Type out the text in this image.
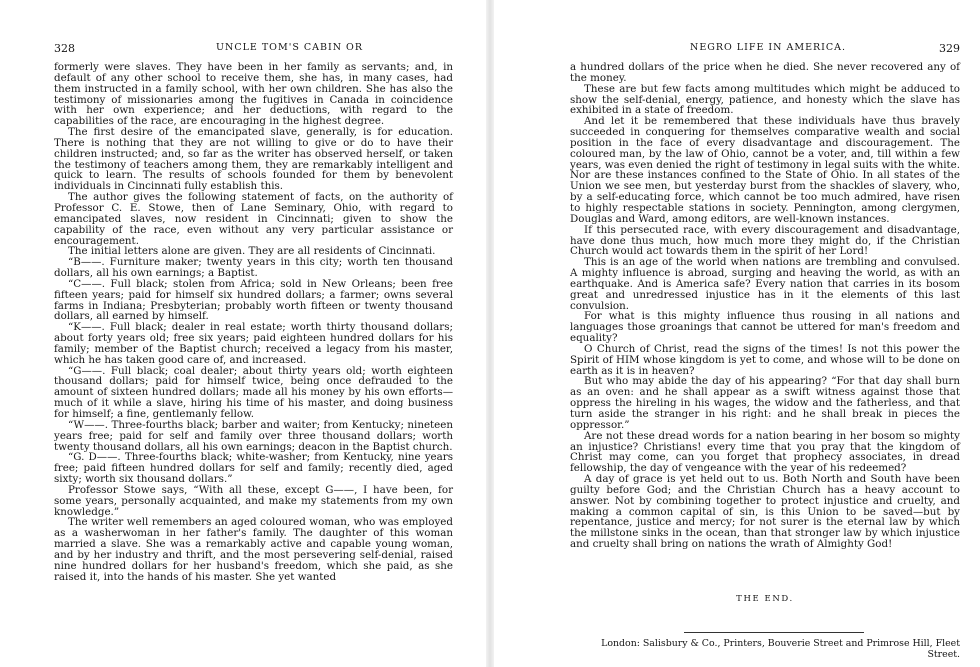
328	UNCLE TOM'S CABIN OR

formerly were slaves. They have been in her family as servants; and, in default of any other school to receive them, she has, in many cases, had them instructed in a family school, with her own children. She has also the testimony of missionaries among the fugitives in Canada in coincidence with her own experience; and her deductions, with regard to the capabilities of the race, are encouraging in the highest degree.

The first desire of the emancipated slave, generally, is for education. There is nothing that they are not willing to give or do to have their children instructed; and, so far as the writer has observed herself, or taken the testimony of teachers among them, they are remarkably intelligent and quick to learn. The results of schools founded for them by benevolent individuals in Cincinnati fully establish this.

The author gives the following statement of facts, on the authority of Professor C. E. Stowe, then of Lane Seminary, Ohio, with regard to emancipated slaves, now resident in Cincinnati; given to show the capability of the race, even without any very particular assistance or encouragement.

The initial letters alone are given. They are all residents of Cincinnati.

“B——. Furniture maker; twenty years in this city; worth ten thousand dollars, all his own earnings; a Baptist.

“C——. Full black; stolen from Africa; sold in New Orleans; been free fifteen years; paid for himself six hundred dollars; a farmer; owns several farms in Indiana; Presbyterian; probably worth fifteen or twenty thousand dollars, all earned by himself.

“K——. Full black; dealer in real estate; worth thirty thousand dollars; about forty years old; free six years; paid eighteen hundred dollars for his family; member of the Baptist church; received a legacy from his master, which he has taken good care of, and increased.

“G——. Full black; coal dealer; about thirty years old; worth eighteen thousand dollars; paid for himself twice, being once defrauded to the amount of sixteen hundred dollars; made all his money by his own efforts—much of it while a slave, hiring his time of his master, and doing business for himself; a fine, gentlemanly fellow.

“W——. Three-fourths black; barber and waiter; from Kentucky; nineteen years free; paid for self and family over three thousand dollars; worth twenty thousand dollars, all his own earnings; deacon in the Baptist church.

“G. D——. Three-fourths black; white-washer; from Kentucky, nine years free; paid fifteen hundred dollars for self and family; recently died, aged sixty; worth six thousand dollars.”

Professor Stowe says, “With all these, except G——, I have been, for some years, personally acquainted, and make my statements from my own knowledge.”

The writer well remembers an aged coloured woman, who was employed as a washerwoman in her father's family. The daughter of this woman married a slave. She was a remarkably active and capable young woman, and by her industry and thrift, and the most persevering self-denial, raised nine hundred dollars for her husband's freedom, which she paid, as she raised it, into the hands of his master. She yet wanted

NEGRO LIFE IN AMERICA.	329

a hundred dollars of the price when he died. She never recovered any of the money.

These are but few facts among multitudes which might be adduced to show the self-denial, energy, patience, and honesty which the slave has exhibited in a state of freedom.

And let it be remembered that these individuals have thus bravely succeeded in conquering for themselves comparative wealth and social position in the face of every disadvantage and discouragement. The coloured man, by the law of Ohio, cannot be a voter, and, till within a few years, was even denied the right of testimony in legal suits with the white. Nor are these instances confined to the State of Ohio. In all states of the Union we see men, but yesterday burst from the shackles of slavery, who, by a self-educating force, which cannot be too much admired, have risen to highly respectable stations in society. Pennington, among clergymen, Douglas and Ward, among editors, are well-known instances.

If this persecuted race, with every discouragement and disadvantage, have done thus much, how much more they might do, if the Christian Church would act towards them in the spirit of her Lord!

This is an age of the world when nations are trembling and convulsed. A mighty influence is abroad, surging and heaving the world, as with an earthquake. And is America safe? Every nation that carries in its bosom great and unredressed injustice has in it the elements of this last convulsion.

For what is this mighty influence thus rousing in all nations and languages those groanings that cannot be uttered for man's freedom and equality?

O Church of Christ, read the signs of the times! Is not this power the Spirit of HIM whose kingdom is yet to come, and whose will to be done on earth as it is in heaven?

But who may abide the day of his appearing? “For that day shall burn as an oven: and he shall appear as a swift witness against those that oppress the hireling in his wages, the widow and the fatherless, and that turn aside the stranger in his right: and he shall break in pieces the oppressor.”

Are not these dread words for a nation bearing in her bosom so mighty an injustice? Christians! every time that you pray that the kingdom of Christ may come, can you forget that prophecy associates, in dread fellowship, the day of vengeance with the year of his redeemed?

A day of grace is yet held out to us. Both North and South have been guilty before God; and the Christian Church has a heavy account to answer. Not by combining together to protect injustice and cruelty, and making a common capital of sin, is this Union to be saved—but by repentance, justice and mercy; for not surer is the eternal law by which the millstone sinks in the ocean, than that stronger law by which injustice and cruelty shall bring on nations the wrath of Almighty God!

THE END.
London: Salisbury & Co., Printers, Bouverie Street and Primrose Hill, Fleet Street.
